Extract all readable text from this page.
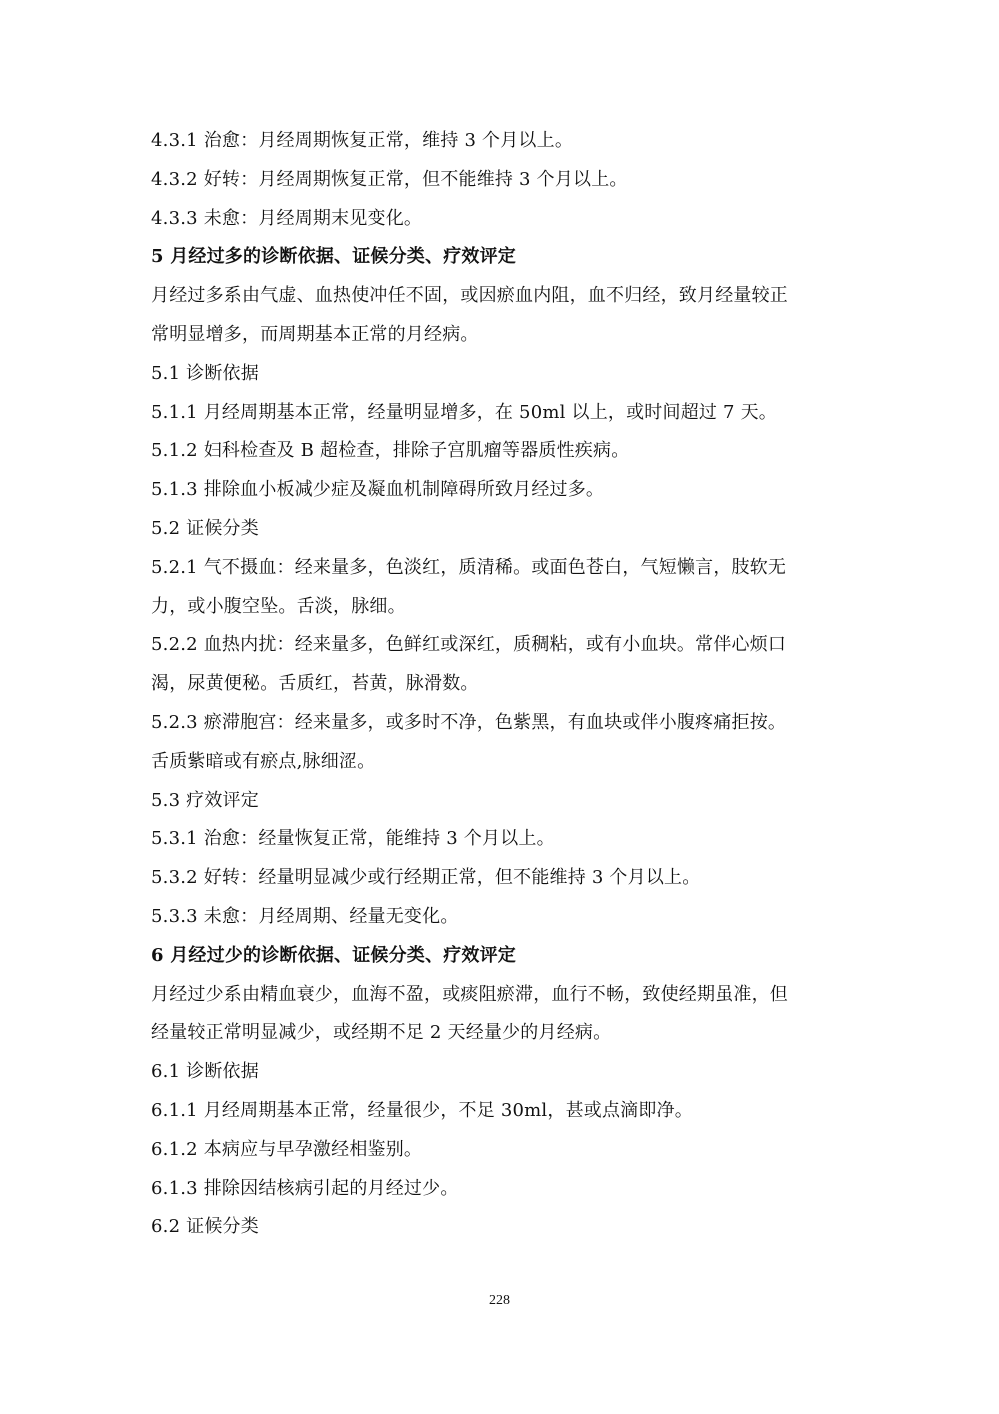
4.3.1 治愈：月经周期恢复正常，维持 3 个月以上。
4.3.2 好转：月经周期恢复正常，但不能维持 3 个月以上。
4.3.3 未愈：月经周期末见变化。
5 月经过多的诊断依据、证候分类、疗效评定
月经过多系由气虚、血热使冲任不固，或因瘀血内阻，血不归经，致月经量较正
常明显增多，而周期基本正常的月经病。
5.1 诊断依据
5.1.1 月经周期基本正常，经量明显增多，在 50ml 以上，或时间超过 7 天。
5.1.2 妇科检查及 B 超检查，排除子宫肌瘤等器质性疾病。
5.1.3 排除血小板减少症及凝血机制障碍所致月经过多。
5.2 证候分类
5.2.1 气不摄血：经来量多，色淡红，质清稀。或面色苍白，气短懒言，肢软无
力，或小腹空坠。舌淡，脉细。
5.2.2 血热内扰：经来量多，色鲜红或深红，质稠粘，或有小血块。常伴心烦口
渴，尿黄便秘。舌质红，苔黄，脉滑数。
5.2.3 瘀滞胞宫：经来量多，或多时不净，色紫黑，有血块或伴小腹疼痛拒按。
舌质紫暗或有瘀点,脉细涩。
5.3 疗效评定
5.3.1 治愈：经量恢复正常，能维持 3 个月以上。
5.3.2 好转：经量明显减少或行经期正常，但不能维持 3 个月以上。
5.3.3 未愈：月经周期、经量无变化。
6 月经过少的诊断依据、证候分类、疗效评定
月经过少系由精血衰少，血海不盈，或痰阻瘀滞，血行不畅，致使经期虽准，但
经量较正常明显减少，或经期不足 2 天经量少的月经病。
6.1 诊断依据
6.1.1 月经周期基本正常，经量很少，不足 30ml，甚或点滴即净。
6.1.2 本病应与早孕激经相鉴别。
6.1.3 排除因结核病引起的月经过少。
6.2 证候分类
228
